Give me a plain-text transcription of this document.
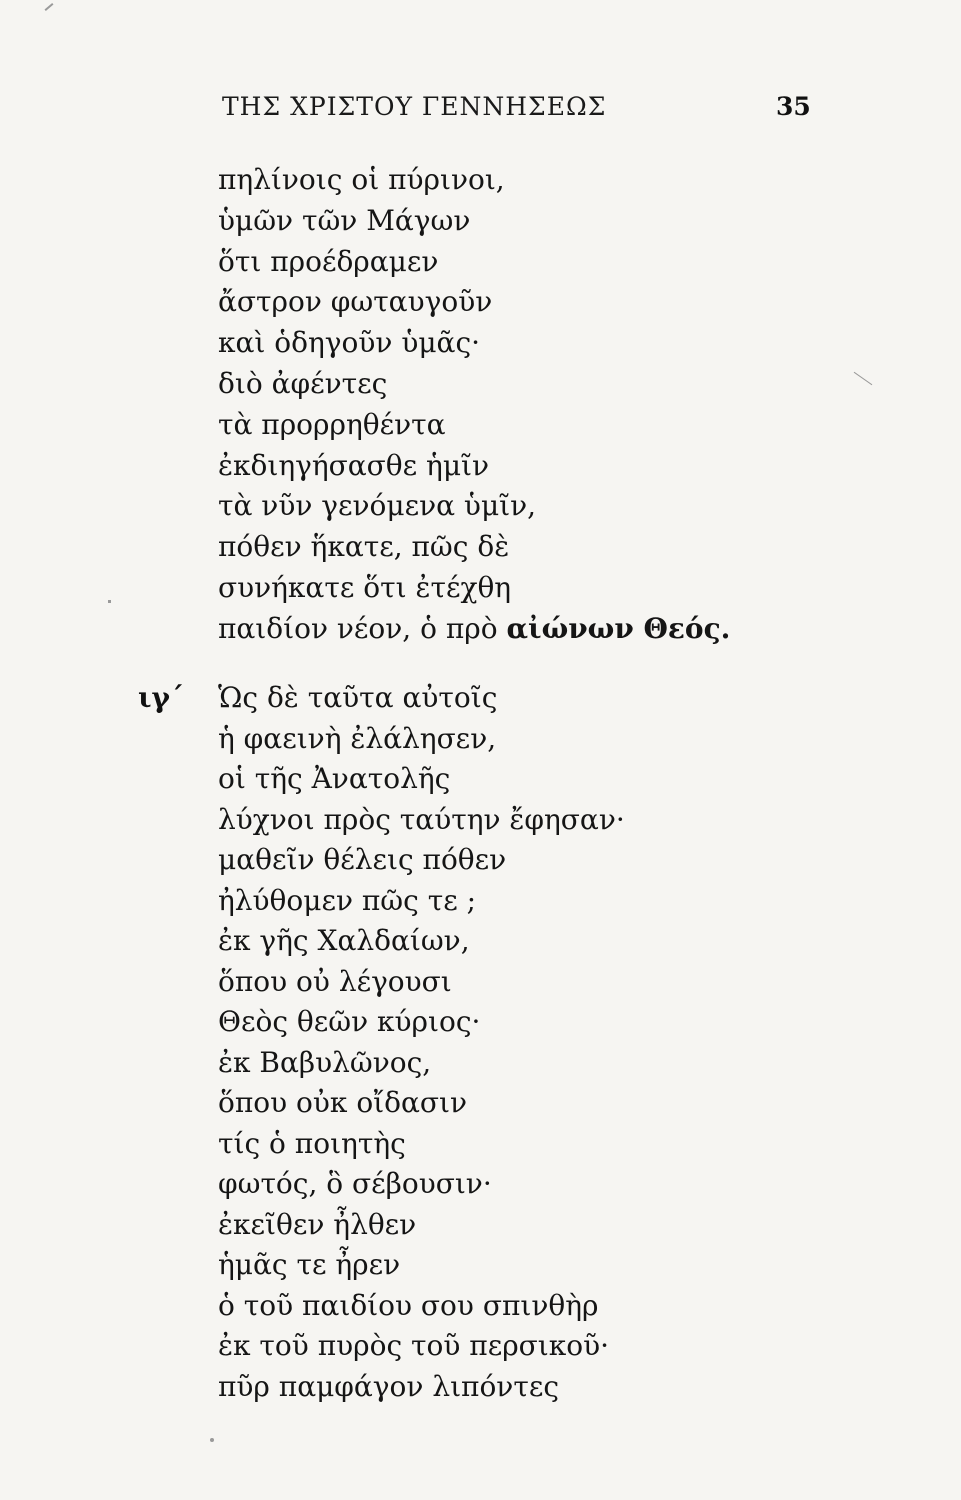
ΤΗΣ ΧΡΙΣΤΟΥ ΓΕΝΝΗΣΕΩΣ	35
πηλίνοις οἱ πύρινοι,
ὑμῶν τῶν Μάγων
ὅτι προέδραμεν
ἄστρον φωταυγοῦν
καὶ ὁδηγοῦν ὑμᾶς·
διὸ ἀφέντες
τὰ προρρηθέντα
ἐκδιηγήσασθε ἡμῖν
τὰ νῦν γενόμενα ὑμῖν,
πόθεν ἥκατε, πῶς δὲ
συνήκατε ὅτι ἐτέχθη
παιδίον νέον, ὁ πρὸ αἰώνων Θεός.
ιγ΄ Ὡς δὲ ταῦτα αὐτοῖς
ἡ φαεινὴ ἐλάλησεν,
οἱ τῆς Ἀνατολῆς
λύχνοι πρὸς ταύτην ἔφησαν·
μαθεῖν θέλεις πόθεν
ἠλύθομεν πῶς τε ;
ἐκ γῆς Χαλδαίων,
ὅπου οὐ λέγουσι
Θεὸς θεῶν κύριος·
ἐκ Βαβυλῶνος,
ὅπου οὐκ οἴδασιν
τίς ὁ ποιητὴς
φωτός, ὃ σέβουσιν·
ἐκεῖθεν ἦλθεν
ἡμᾶς τε ἦρεν
ὁ τοῦ παιδίου σου σπινθὴρ
ἐκ τοῦ πυρὸς τοῦ περσικοῦ·
πῦρ παμφάγον λιπόντες
